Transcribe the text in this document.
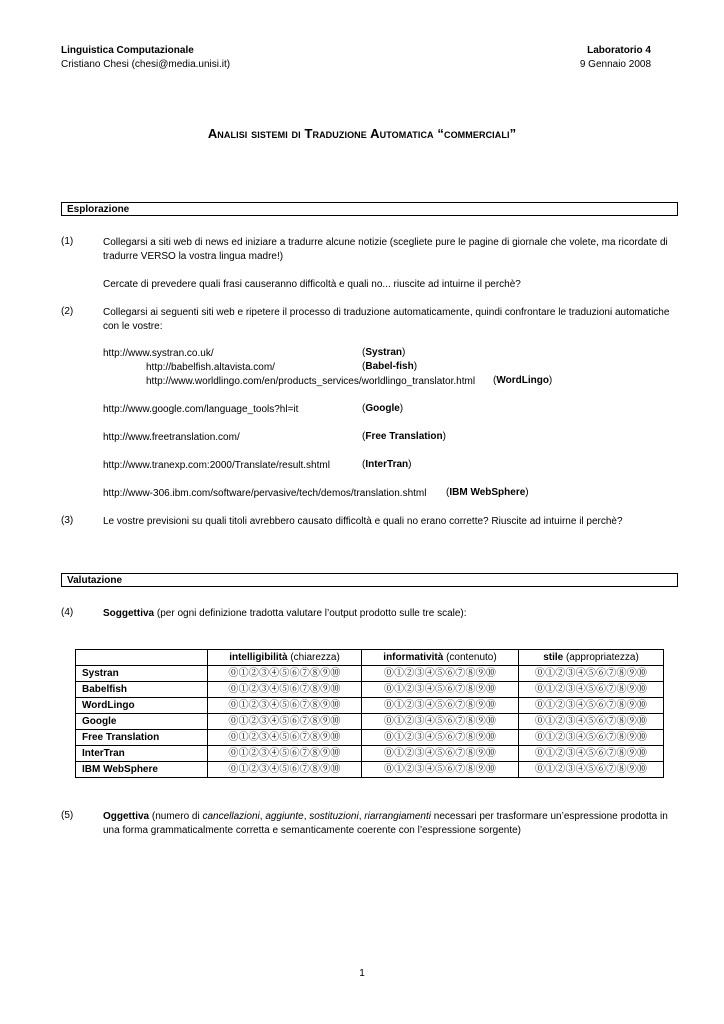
Linguistica Computazionale
Cristiano Chesi (chesi@media.unisi.it)
Laboratorio 4
9 Gennaio 2008
Analisi sistemi di Traduzione Automatica “commerciali”
Esplorazione
(1)	Collegarsi a siti web di news ed iniziare a tradurre alcune notizie (scegliete pure le pagine di giornale che volete, ma ricordate di tradurre VERSO la vostra lingua madre!)
Cercate di prevedere quali frasi causeranno difficoltà e quali no... riuscite ad intuirne il perchè?
(2)	Collegarsi ai seguenti siti web e ripetere il processo di traduzione automaticamente, quindi confrontare le traduzioni automatiche con le vostre:
http://www.systran.co.uk/	(Systran)
http://babelfish.altavista.com/	(Babel-fish)
http://www.worldlingo.com/en/products_services/worldlingo_translator.html (WordLingo)
http://www.google.com/language_tools?hl=it	(Google)
http://www.freetranslation.com/	(Free Translation)
http://www.tranexp.com:2000/Translate/result.shtml	(InterTran)
http://www-306.ibm.com/software/pervasive/tech/demos/translation.shtml (IBM WebSphere)
(3)	Le vostre previsioni su quali titoli avrebbero causato difficoltà e quali no erano corrette? Riuscite ad intuirne il perchè?
Valutazione
(4)	Soggettiva (per ogni definizione tradotta valutare l’output prodotto sulle tre scale):
	intelligibilità (chiarezza)	informatività (contenuto)	stile (appropriatezza)
Systran	⓪①②③④⑤⑥⑦⑧⑨⑩	⓪①②③④⑤⑥⑦⑧⑨⑩	⓪①②③④⑤⑥⑦⑧⑨⑩
Babelfish	⓪①②③④⑤⑥⑦⑧⑨⑩	⓪①②③④⑤⑥⑦⑧⑨⑩	⓪①②③④⑤⑥⑦⑧⑨⑩
WordLingo	⓪①②③④⑤⑥⑦⑧⑨⑩	⓪①②③④⑤⑥⑦⑧⑨⑩	⓪①②③④⑤⑥⑦⑧⑨⑩
Google	⓪①②③④⑤⑥⑦⑧⑨⑩	⓪①②③④⑤⑥⑦⑧⑨⑩	⓪①②③④⑤⑥⑦⑧⑨⑩
Free Translation	⓪①②③④⑤⑥⑦⑧⑨⑩	⓪①②③④⑤⑥⑦⑧⑨⑩	⓪①②③④⑤⑥⑦⑧⑨⑩
InterTran	⓪①②③④⑤⑥⑦⑧⑨⑩	⓪①②③④⑤⑥⑦⑧⑨⑩	⓪①②③④⑤⑥⑦⑧⑨⑩
IBM WebSphere	⓪①②③④⑤⑥⑦⑧⑨⑩	⓪①②③④⑤⑥⑦⑧⑨⑩	⓪①②③④⑤⑥⑦⑧⑨⑩
(5)	Oggettiva (numero di cancellazioni, aggiunte, sostituzioni, riarrangiamenti necessari per trasformare un’espressione prodotta in una forma grammaticalmente corretta e semanticamente coerente con l’espressione sorgente)
1
